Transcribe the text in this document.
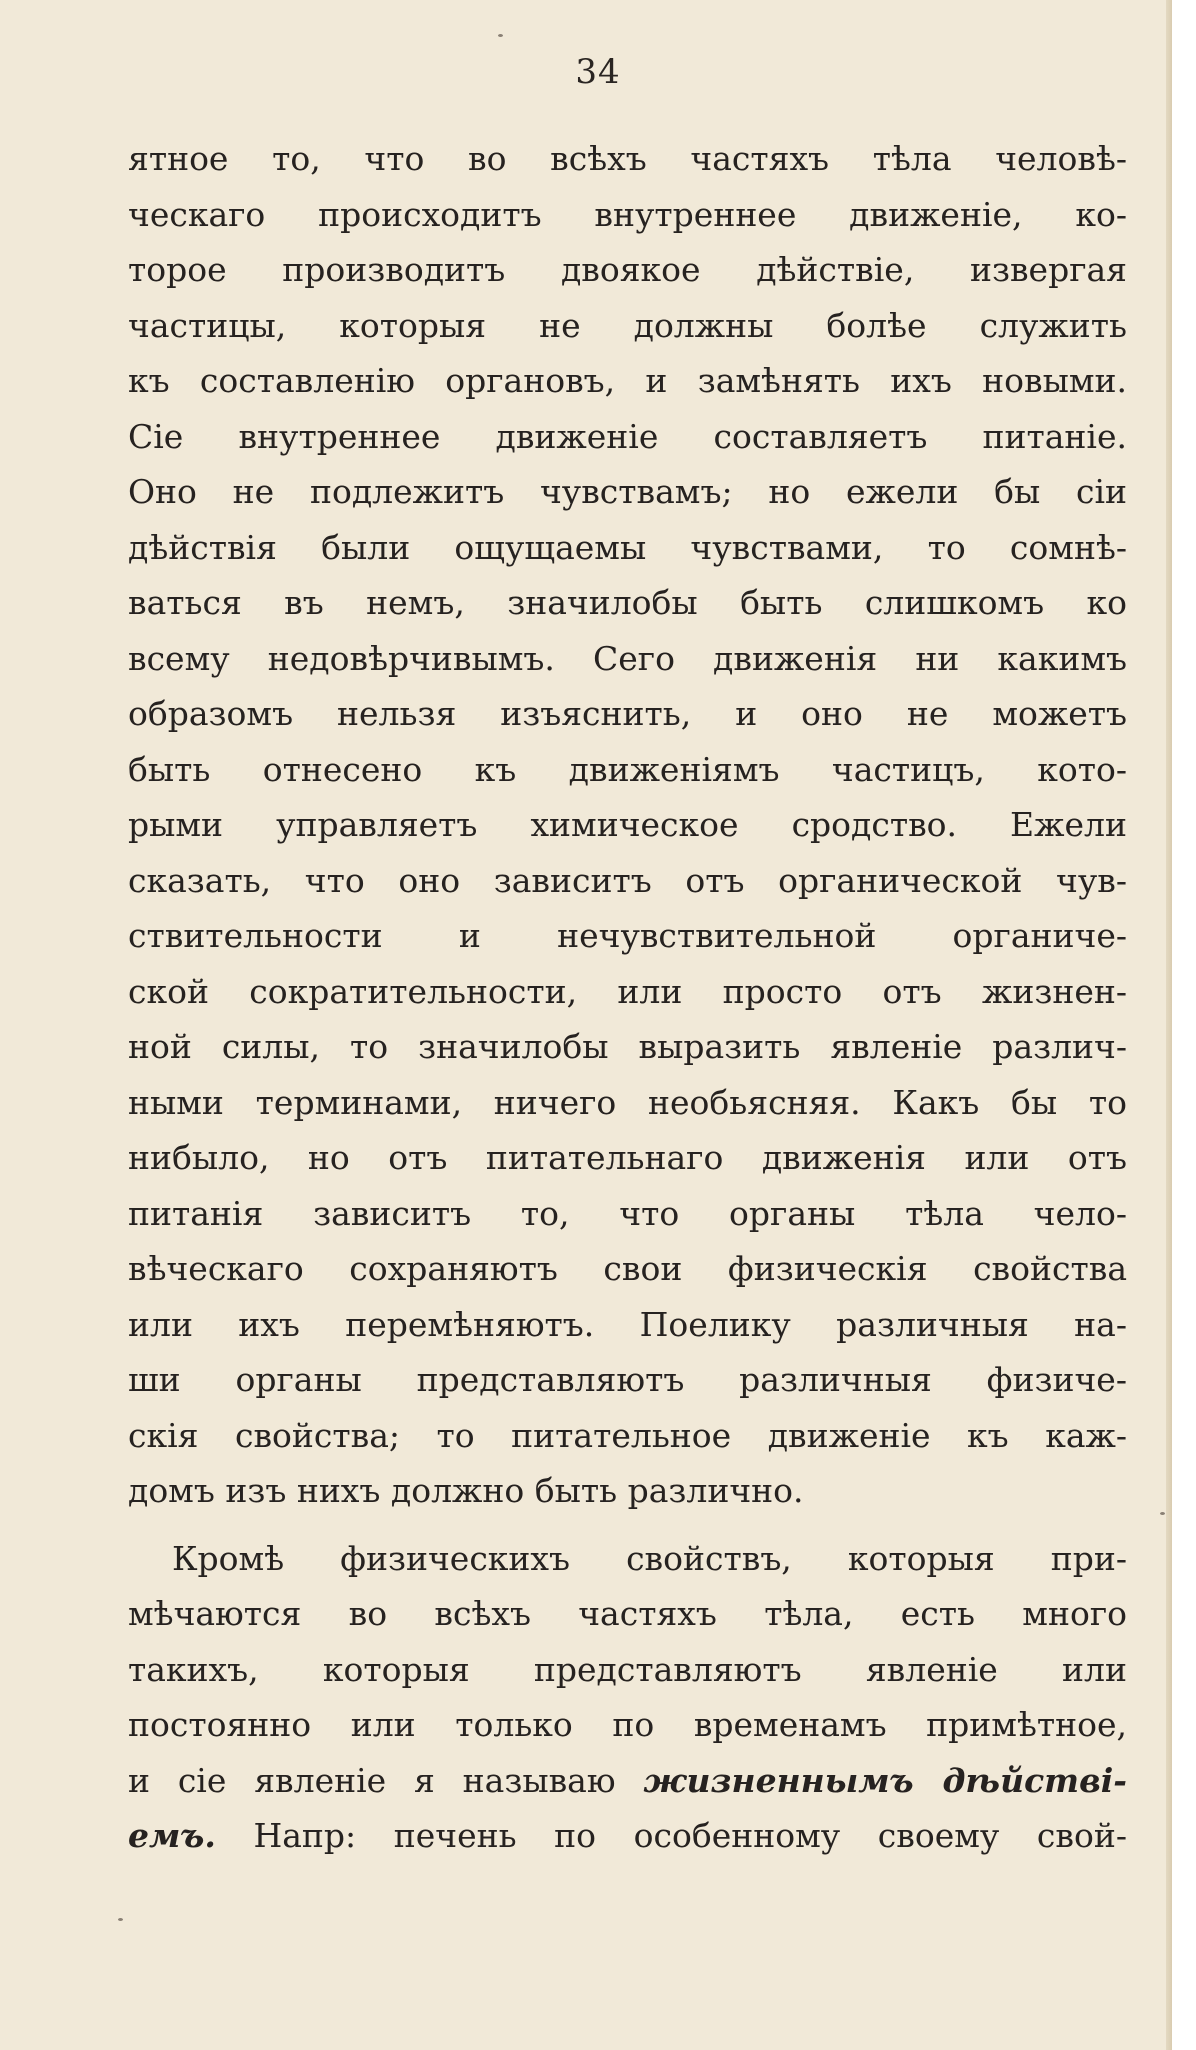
34
ятное то, что во всѣхъ частяхъ тѣла человѣ-
ческаго происходитъ внутреннее движеніе, ко-
торое производитъ двоякое дѣйствіе, извергая
частицы, которыя не должны болѣе служить
къ составленію органовъ, и замѣнять ихъ новыми.
Сіе внутреннее движеніе составляетъ питаніе.
Оно не подлежитъ чувствамъ; но ежели бы сіи
дѣйствія были ощущаемы чувствами, то сомнѣ-
ваться въ немъ, значилобы быть слишкомъ ко
всему недовѣрчивымъ. Сего движенія ни какимъ
образомъ нельзя изъяснить, и оно не можетъ
быть отнесено къ движеніямъ частицъ, кото-
рыми управляетъ химическое сродство. Ежели
сказать, что оно зависитъ отъ органической чув-
ствительности и нечувствительной органиче-
ской сократительности, или просто отъ жизнен-
ной силы, то значилобы выразить явленіе различ-
ными терминами, ничего необьясняя. Какъ бы то
нибыло, но отъ питательнаго движенія или отъ
питанія зависитъ то, что органы тѣла чело-
вѣческаго сохраняютъ свои физическія свойства
или ихъ перемѣняютъ. Поелику различныя на-
ши органы представляютъ различныя физиче-
скія свойства; то питательное движеніе къ каж-
домъ изъ нихъ должно быть различно.
Кромѣ физическихъ свойствъ, которыя при-
мѣчаются во всѣхъ частяхъ тѣла, есть много
такихъ, которыя представляютъ явленіе или
постоянно или только по временамъ примѣтное,
и сіе явленіе я называю жизненнымъ дѣйстві-
емъ. Напр: печень по особенному своему свой-
